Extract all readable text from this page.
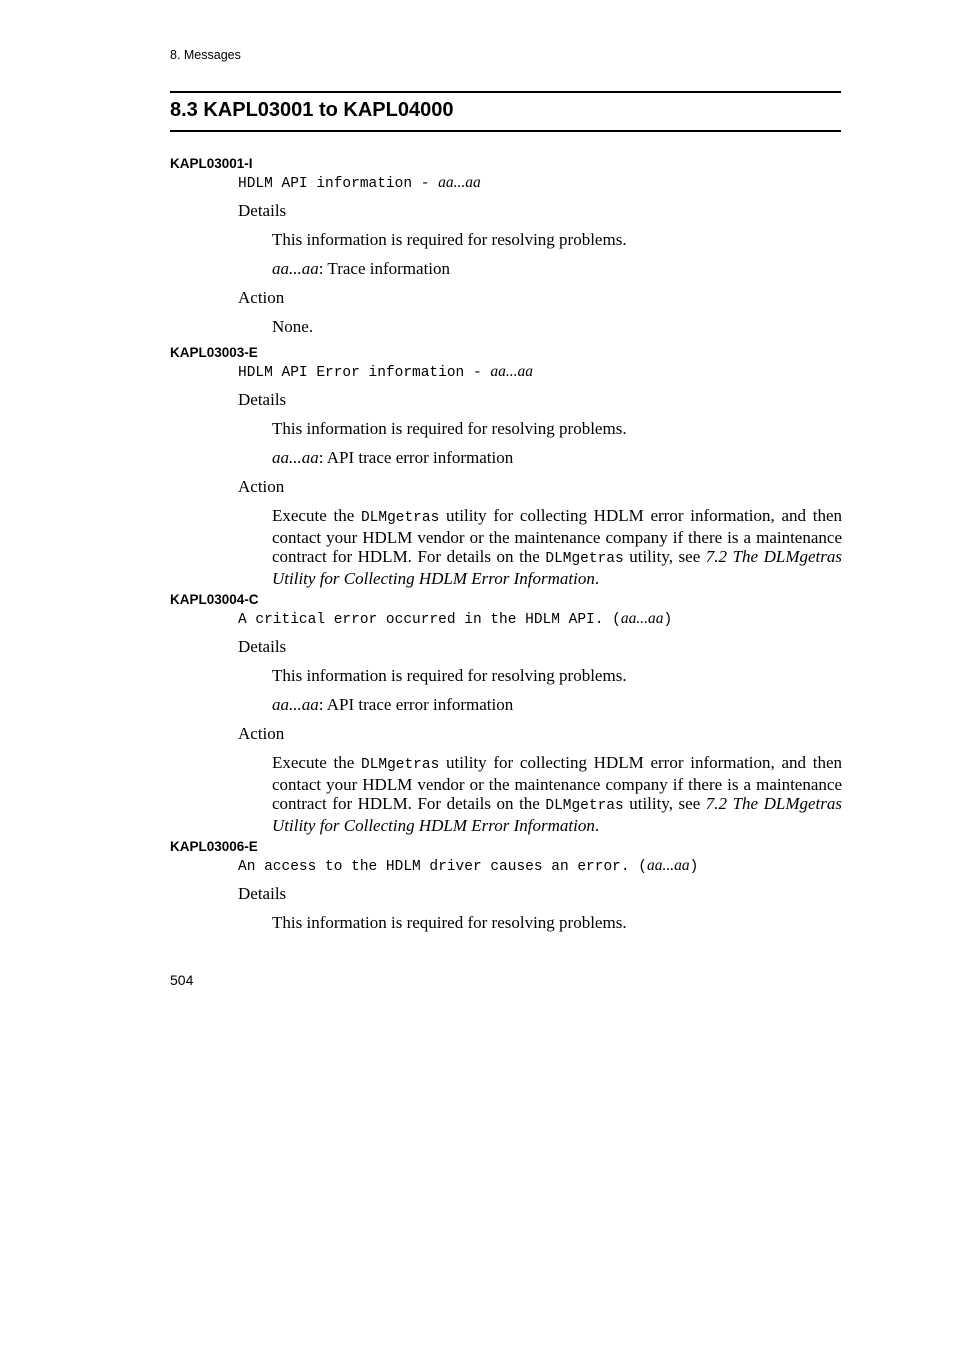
8. Messages
8.3 KAPL03001 to KAPL04000
KAPL03001-I
HDLM API information - aa...aa
Details
This information is required for resolving problems.
aa...aa: Trace information
Action
None.
KAPL03003-E
HDLM API Error information - aa...aa
Details
This information is required for resolving problems.
aa...aa: API trace error information
Action
Execute the DLMgetras utility for collecting HDLM error information, and then contact your HDLM vendor or the maintenance company if there is a maintenance contract for HDLM. For details on the DLMgetras utility, see 7.2 The DLMgetras Utility for Collecting HDLM Error Information.
KAPL03004-C
A critical error occurred in the HDLM API. (aa...aa)
Details
This information is required for resolving problems.
aa...aa: API trace error information
Action
Execute the DLMgetras utility for collecting HDLM error information, and then contact your HDLM vendor or the maintenance company if there is a maintenance contract for HDLM. For details on the DLMgetras utility, see 7.2 The DLMgetras Utility for Collecting HDLM Error Information.
KAPL03006-E
An access to the HDLM driver causes an error. (aa...aa)
Details
This information is required for resolving problems.
504
